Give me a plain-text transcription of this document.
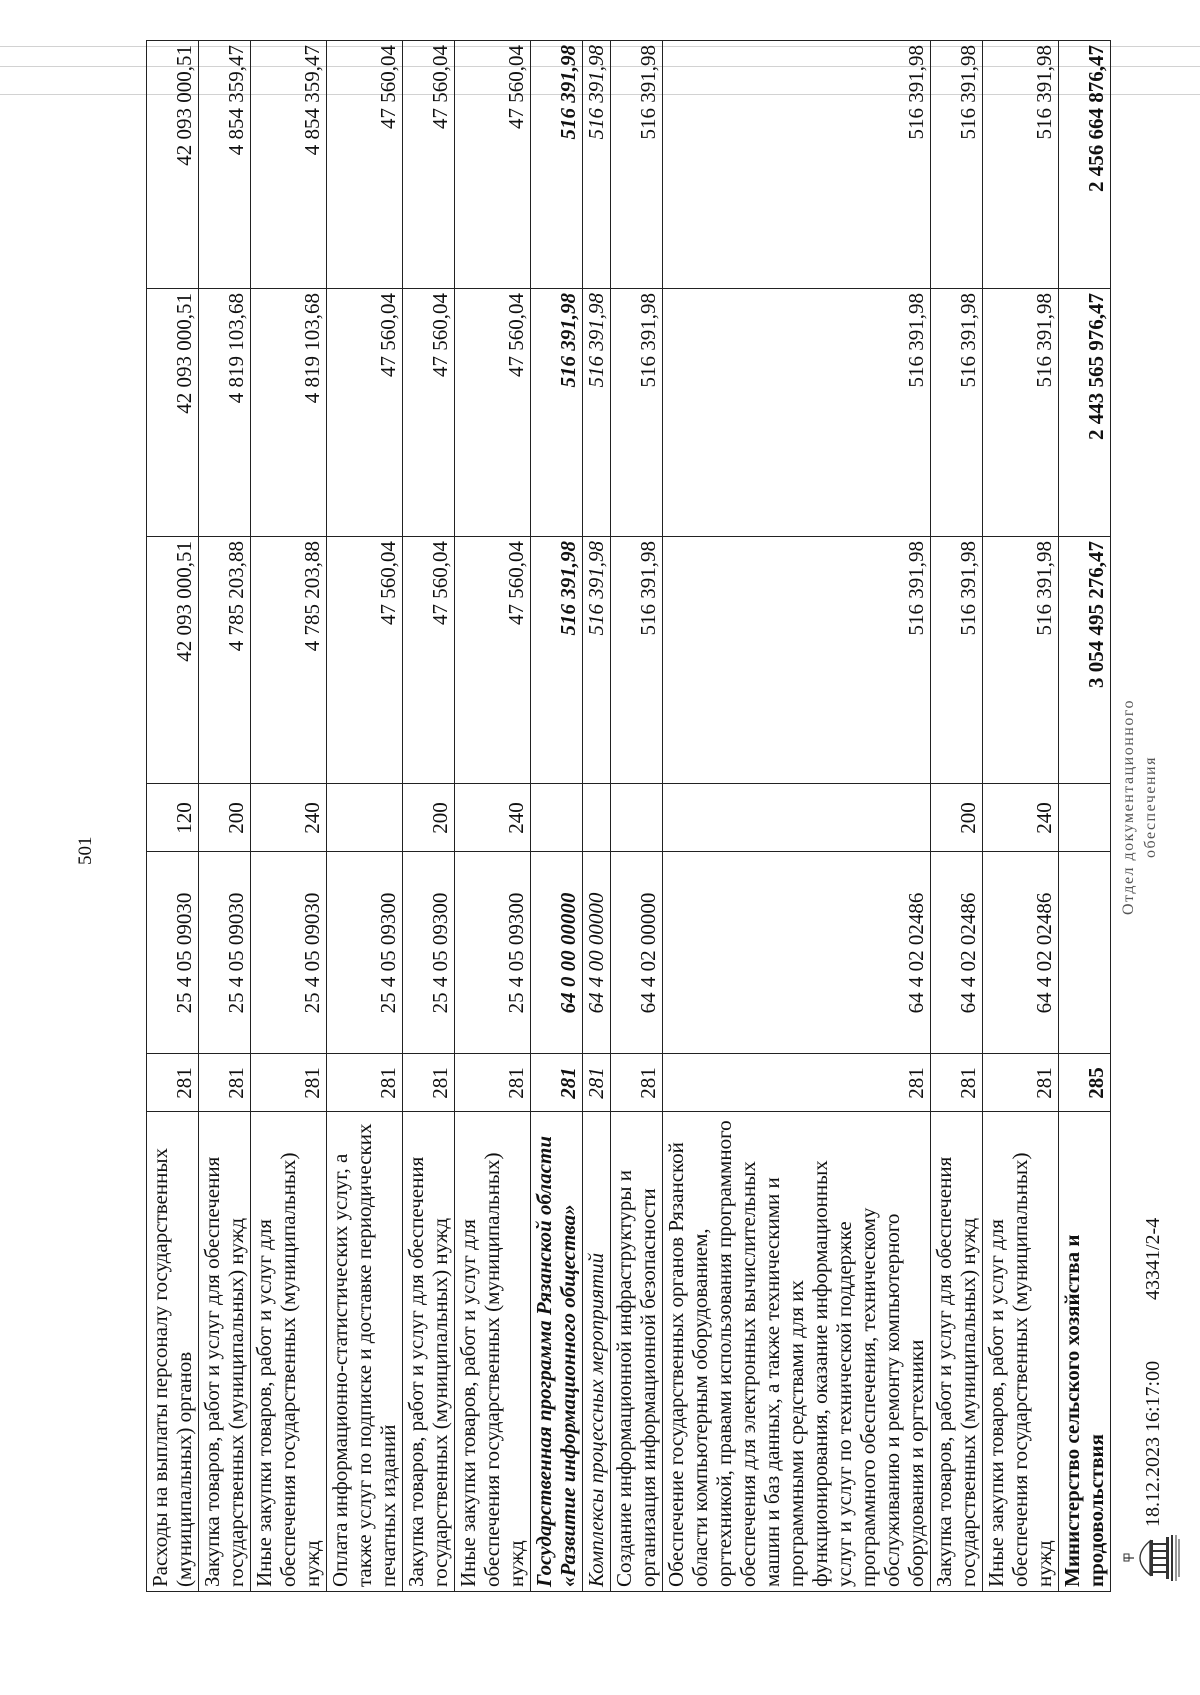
501
Расходы на выплаты персоналу государственных (муниципальных) органов	281	25 4 05 09030	120	42 093 000,51	42 093 000,51	42 093 000,51
Закупка товаров, работ и услуг для обеспечения государственных (муниципальных) нужд	281	25 4 05 09030	200	4 785 203,88	4 819 103,68	4 854 359,47
Иные закупки товаров, работ и услуг для обеспечения государственных (муниципальных) нужд	281	25 4 05 09030	240	4 785 203,88	4 819 103,68	4 854 359,47
Оплата информационно-статистических услуг, а также услуг по подписке и доставке периодических печатных изданий	281	25 4 05 09300		47 560,04	47 560,04	47 560,04
Закупка товаров, работ и услуг для обеспечения государственных (муниципальных) нужд	281	25 4 05 09300	200	47 560,04	47 560,04	47 560,04
Иные закупки товаров, работ и услуг для обеспечения государственных (муниципальных) нужд	281	25 4 05 09300	240	47 560,04	47 560,04	47 560,04
Государственная программа Рязанской области «Развитие информационного общества»	281	64 0 00 00000		516 391,98	516 391,98	516 391,98
Комплексы процессных мероприятий	281	64 4 00 00000		516 391,98	516 391,98	516 391,98
Создание информационной инфраструктуры и организация информационной безопасности	281	64 4 02 00000		516 391,98	516 391,98	516 391,98
Обеспечение государственных органов Рязанской области компьютерным оборудованием, оргтехникой, правами использования программного обеспечения для электронных вычислительных машин и баз данных, а также техническими и программными средствами для их функционирования, оказание информационных услуг и услуг по технической поддержке программного обеспечения, техническому обслуживанию и ремонту компьютерного оборудования и оргтехники	281	64 4 02 02486		516 391,98	516 391,98	516 391,98
Закупка товаров, работ и услуг для обеспечения государственных (муниципальных) нужд	281	64 4 02 02486	200	516 391,98	516 391,98	516 391,98
Иные закупки товаров, работ и услуг для обеспечения государственных (муниципальных) нужд	281	64 4 02 02486	240	516 391,98	516 391,98	516 391,98
Министерство сельского хозяйства и продовольствия	285			3 054 495 276,47	2 443 565 976,47	2 456 664 876,47
18.12.2023 16:17:00
43341/2-4
Отдел документационного обеспечения
